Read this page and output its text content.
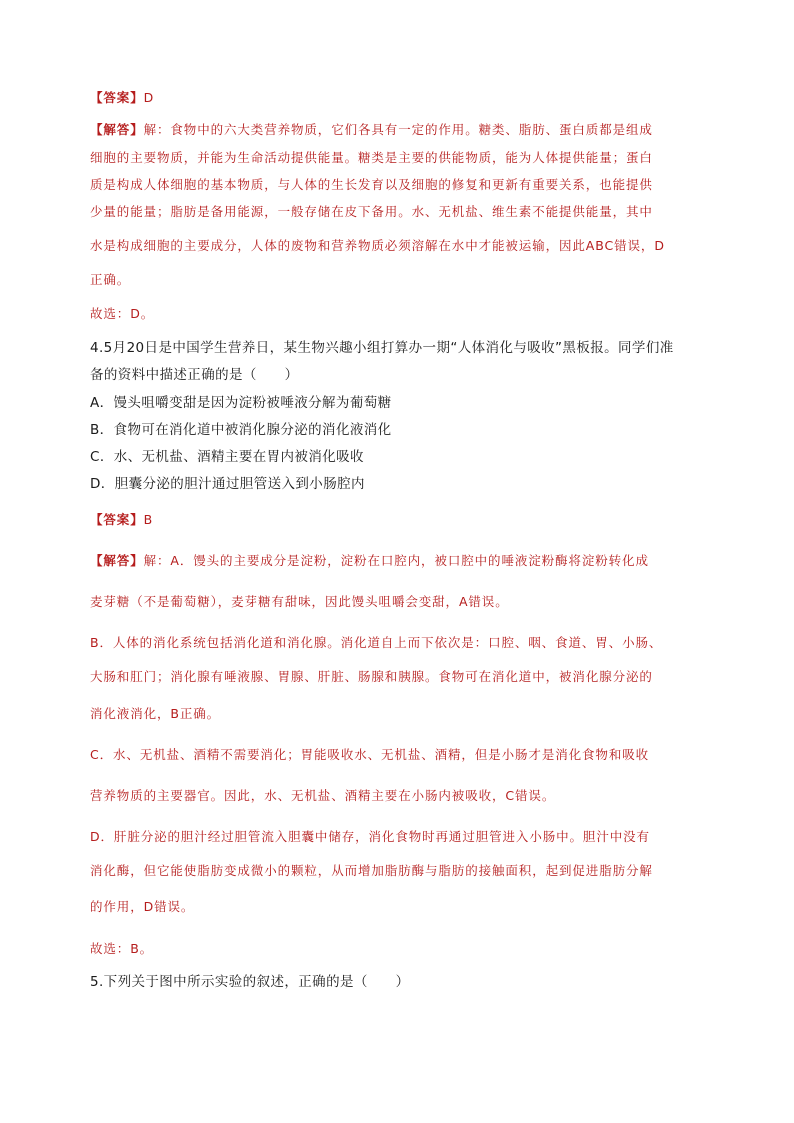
【答案】D
【解答】解：食物中的六大类营养物质，它们各具有一定的作用。糖类、脂肪、蛋白质都是组成
细胞的主要物质，并能为生命活动提供能量。糖类是主要的供能物质，能为人体提供能量；蛋白
质是构成人体细胞的基本物质，与人体的生长发育以及细胞的修复和更新有重要关系，也能提供
少量的能量；脂肪是备用能源，一般存储在皮下备用。水、无机盐、维生素不能提供能量，其中
水是构成细胞的主要成分，人体的废物和营养物质必须溶解在水中才能被运输，因此ABC错误，D
正确。
故选：D。
4.5月20日是中国学生营养日，某生物兴趣小组打算办一期“人体消化与吸收”黑板报。同学们准
备的资料中描述正确的是（　　）
A．馒头咀嚼变甜是因为淀粉被唾液分解为葡萄糖
B．食物可在消化道中被消化腺分泌的消化液消化
C．水、无机盐、酒精主要在胃内被消化吸收
D．胆囊分泌的胆汁通过胆管送入到小肠腔内
【答案】B
【解答】解：A．馒头的主要成分是淀粉，淀粉在口腔内，被口腔中的唾液淀粉酶将淀粉转化成
麦芽糖（不是葡萄糖），麦芽糖有甜味，因此馒头咀嚼会变甜，A错误。
B．人体的消化系统包括消化道和消化腺。消化道自上而下依次是：口腔、咽、食道、胃、小肠、
大肠和肛门；消化腺有唾液腺、胃腺、肝脏、肠腺和胰腺。食物可在消化道中，被消化腺分泌的
消化液消化，B正确。
C．水、无机盐、酒精不需要消化；胃能吸收水、无机盐、酒精，但是小肠才是消化食物和吸收
营养物质的主要器官。因此，水、无机盐、酒精主要在小肠内被吸收，C错误。
D．肝脏分泌的胆汁经过胆管流入胆囊中储存，消化食物时再通过胆管进入小肠中。胆汁中没有
消化酶，但它能使脂肪变成微小的颗粒，从而增加脂肪酶与脂肪的接触面积，起到促进脂肪分解
的作用，D错误。
故选：B。
5.下列关于图中所示实验的叙述，正确的是（　　）
